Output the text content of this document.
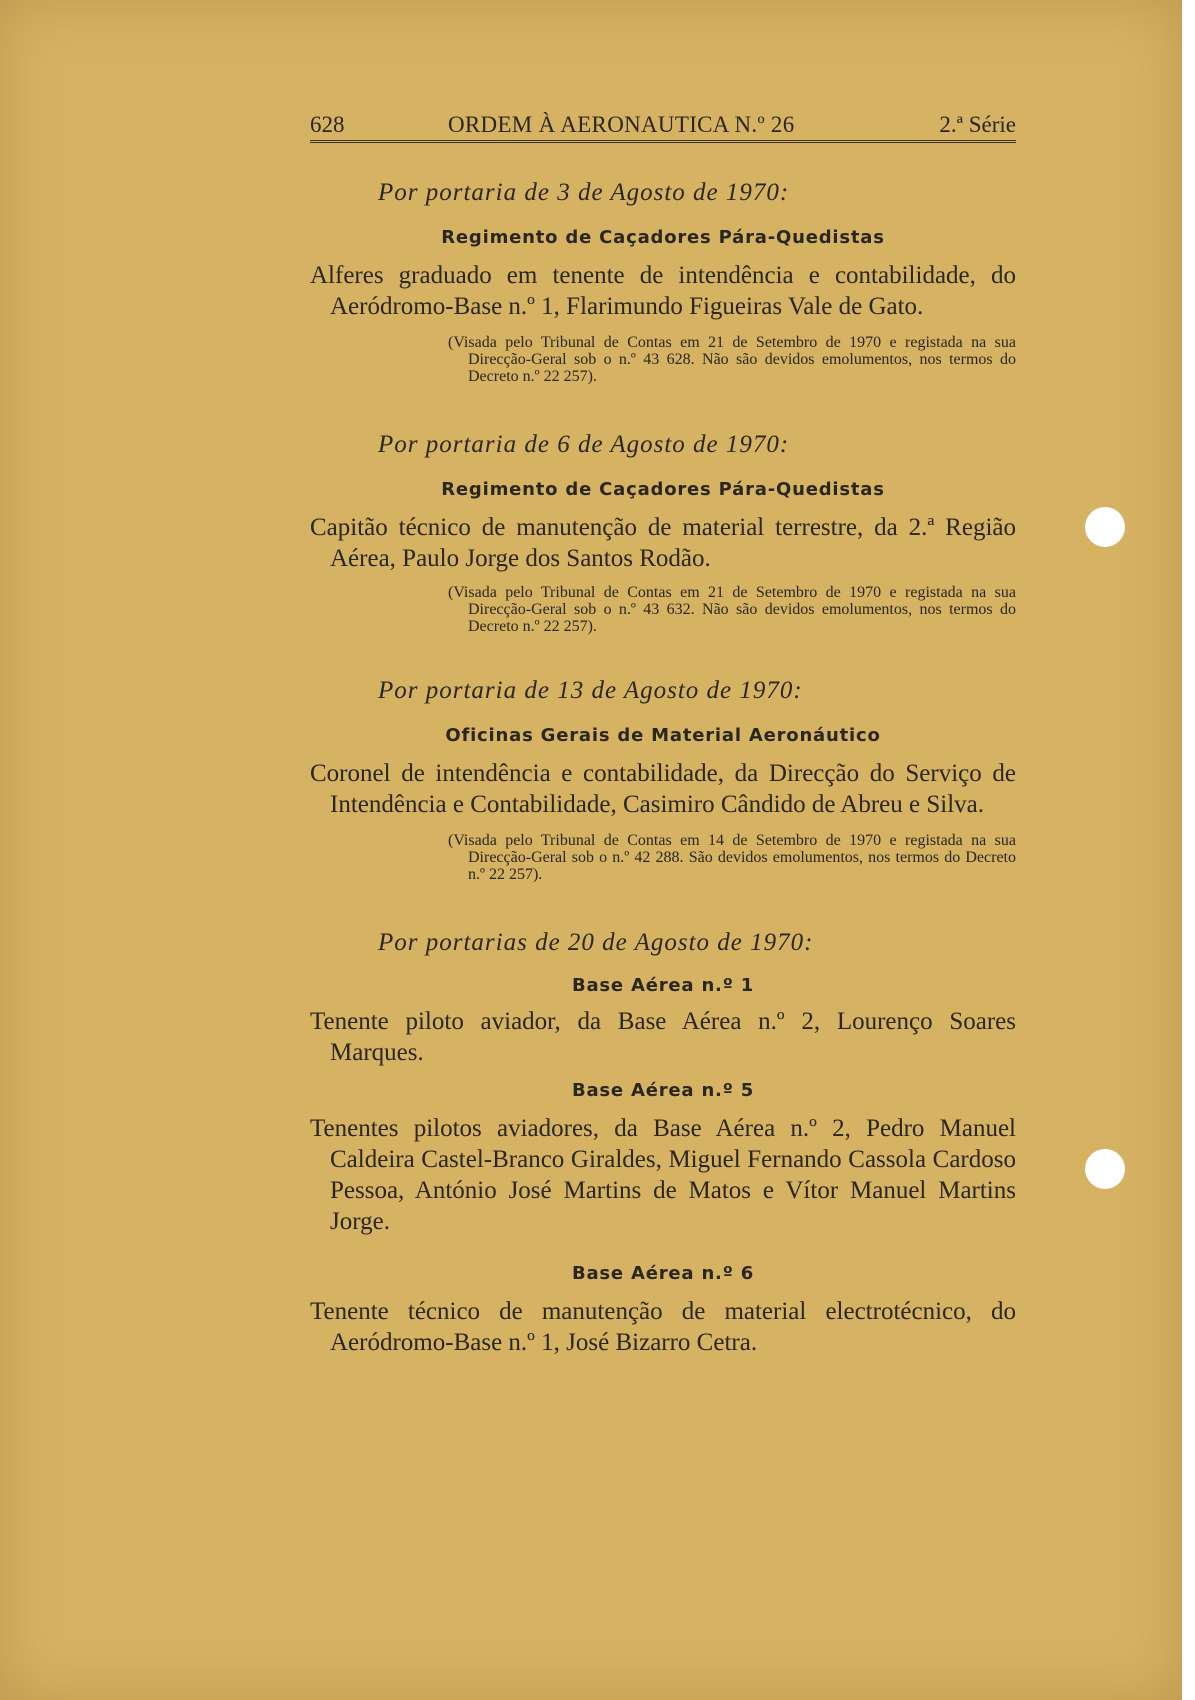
628	ORDEM À AERONAUTICA N.º 26	2.ª Série
Por portaria de 3 de Agosto de 1970:
Regimento de Caçadores Pára-Quedistas
Alferes graduado em tenente de intendência e contabilidade, do Aeródromo-Base n.º 1, Flarimundo Figueiras Vale de Gato.
(Visada pelo Tribunal de Contas em 21 de Setembro de 1970 e registada na sua Direcção-Geral sob o n.º 43 628. Não são devidos emolumentos, nos termos do Decreto n.º 22 257).
Por portaria de 6 de Agosto de 1970:
Regimento de Caçadores Pára-Quedistas
Capitão técnico de manutenção de material terrestre, da 2.ª Região Aérea, Paulo Jorge dos Santos Rodão.
(Visada pelo Tribunal de Contas em 21 de Setembro de 1970 e registada na sua Direcção-Geral sob o n.º 43 632. Não são devidos emolumentos, nos termos do Decreto n.º 22 257).
Por portaria de 13 de Agosto de 1970:
Oficinas Gerais de Material Aeronáutico
Coronel de intendência e contabilidade, da Direcção do Serviço de Intendência e Contabilidade, Casimiro Cândido de Abreu e Silva.
(Visada pelo Tribunal de Contas em 14 de Setembro de 1970 e registada na sua Direcção-Geral sob o n.º 42 288. São devidos emolumentos, nos termos do Decreto n.º 22 257).
Por portarias de 20 de Agosto de 1970:
Base Aérea n.º 1
Tenente piloto aviador, da Base Aérea n.º 2, Lourenço Soares Marques.
Base Aérea n.º 5
Tenentes pilotos aviadores, da Base Aérea n.º 2, Pedro Manuel Caldeira Castel-Branco Giraldes, Miguel Fernando Cassola Cardoso Pessoa, António José Martins de Matos e Vítor Manuel Martins Jorge.
Base Aérea n.º 6
Tenente técnico de manutenção de material electrotécnico, do Aeródromo-Base n.º 1, José Bizarro Cetra.
